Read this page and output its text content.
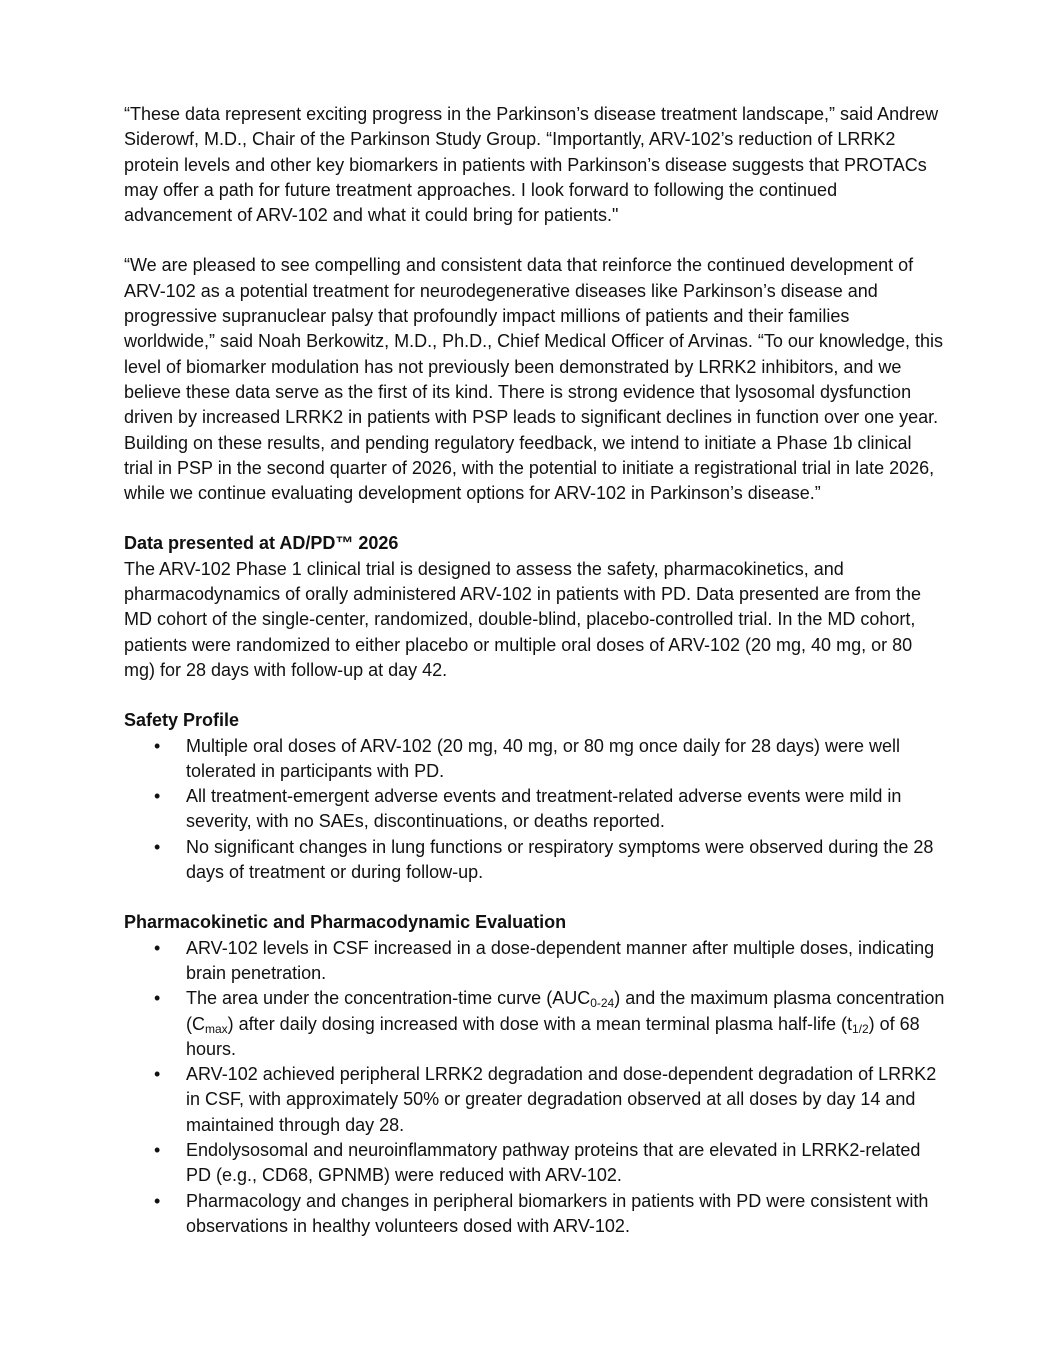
“These data represent exciting progress in the Parkinson’s disease treatment landscape,” said Andrew Siderowf, M.D., Chair of the Parkinson Study Group. “Importantly, ARV-102’s reduction of LRRK2 protein levels and other key biomarkers in patients with Parkinson’s disease suggests that PROTACs may offer a path for future treatment approaches. I look forward to following the continued advancement of ARV-102 and what it could bring for patients."

“We are pleased to see compelling and consistent data that reinforce the continued development of ARV-102 as a potential treatment for neurodegenerative diseases like Parkinson’s disease and progressive supranuclear palsy that profoundly impact millions of patients and their families worldwide,” said Noah Berkowitz, M.D., Ph.D., Chief Medical Officer of Arvinas. “To our knowledge, this level of biomarker modulation has not previously been demonstrated by LRRK2 inhibitors, and we believe these data serve as the first of its kind. There is strong evidence that lysosomal dysfunction driven by increased LRRK2 in patients with PSP leads to significant declines in function over one year. Building on these results, and pending regulatory feedback, we intend to initiate a Phase 1b clinical trial in PSP in the second quarter of 2026, with the potential to initiate a registrational trial in late 2026, while we continue evaluating development options for ARV-102 in Parkinson’s disease.”

Data presented at AD/PD™ 2026

The ARV-102 Phase 1 clinical trial is designed to assess the safety, pharmacokinetics, and pharmacodynamics of orally administered ARV-102 in patients with PD. Data presented are from the MD cohort of the single-center, randomized, double-blind, placebo-controlled trial. In the MD cohort, patients were randomized to either placebo or multiple oral doses of ARV-102 (20 mg, 40 mg, or 80 mg) for 28 days with follow-up at day 42.

Safety Profile

• Multiple oral doses of ARV-102 (20 mg, 40 mg, or 80 mg once daily for 28 days) were well tolerated in participants with PD.
• All treatment-emergent adverse events and treatment-related adverse events were mild in severity, with no SAEs, discontinuations, or deaths reported.
• No significant changes in lung functions or respiratory symptoms were observed during the 28 days of treatment or during follow-up.

Pharmacokinetic and Pharmacodynamic Evaluation

• ARV-102 levels in CSF increased in a dose-dependent manner after multiple doses, indicating brain penetration.
• The area under the concentration-time curve $(AUC_{0-24})$ and the maximum plasma concentration $(C_{max})$ after daily dosing increased with dose with a mean terminal plasma half-life $(t_{1/2})$ of 68 hours.
• ARV-102 achieved peripheral LRRK2 degradation and dose-dependent degradation of LRRK2 in CSF, with approximately 50% or greater degradation observed at all doses by day 14 and maintained through day 28.
• Endolysosomal and neuroinflammatory pathway proteins that are elevated in LRRK2-related PD (e.g., CD68, GPNMB) were reduced with ARV-102.
• Pharmacology and changes in peripheral biomarkers in patients with PD were consistent with observations in healthy volunteers dosed with ARV-102.
